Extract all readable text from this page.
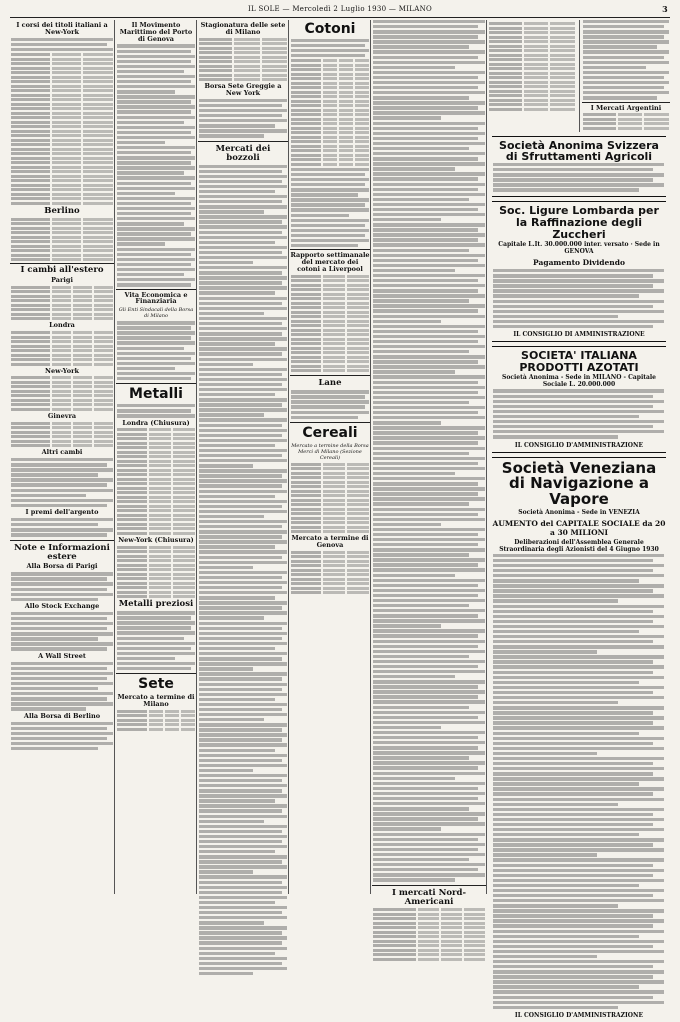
IL SOLE — Mercoledì 2 Luglio 1930 — MILANO	3
I corsi dei titoli italiani a New-York
Berlino
I cambi all'estero
Parigi
Londra
New-York
Ginevra
Altri cambi
I premi dell'argento
Note e Informazioni estere
Alla Borsa di Parigi
Allo Stock Exchange
A Wall Street
Alla Borsa di Berlino
Il Movimento Marittimo del Porto di Genova
Vita Economica e Finanziaria
Gli Enti Sindacali della Borsa di Milano
Metalli
Londra (Chiusura)
New-York (Chiusura)
Metalli preziosi
Sete
Mercato a termine di Milano
Stagionatura delle sete di Milano
Borsa Sete Greggie a New York
Mercati dei bozzoli
Cotoni
Rapporto settimanale del mercato dei cotoni a Liverpool
Lane
Cereali
Mercato a termine della Borsa Merci di Milano (Sezione Cereali)
Mercato a termine di Genova
I mercati Nord-Americani
I Mercati Argentini
Società Anonima Svizzera di Sfruttamenti Agricoli
Soc. Ligure Lombarda per la Raffinazione degli Zuccheri
Capitale L.It. 30.000.000 inter. versato · Sede in GENOVA
Pagamento Dividendo
IL CONSIGLIO DI AMMINISTRAZIONE
SOCIETA' ITALIANA PRODOTTI AZOTATI
Società Anonima - Sede in MILANO - Capitale Sociale L. 20.000.000
IL CONSIGLIO D'AMMINISTRAZIONE
Società Veneziana di Navigazione a Vapore
Società Anonima - Sede in VENEZIA
AUMENTO del CAPITALE SOCIALE da 20 a 30 MILIONI
Deliberazioni dell'Assemblea Generale Straordinaria degli Azionisti del 4 Giugno 1930
IL CONSIGLIO D'AMMINISTRAZIONE
